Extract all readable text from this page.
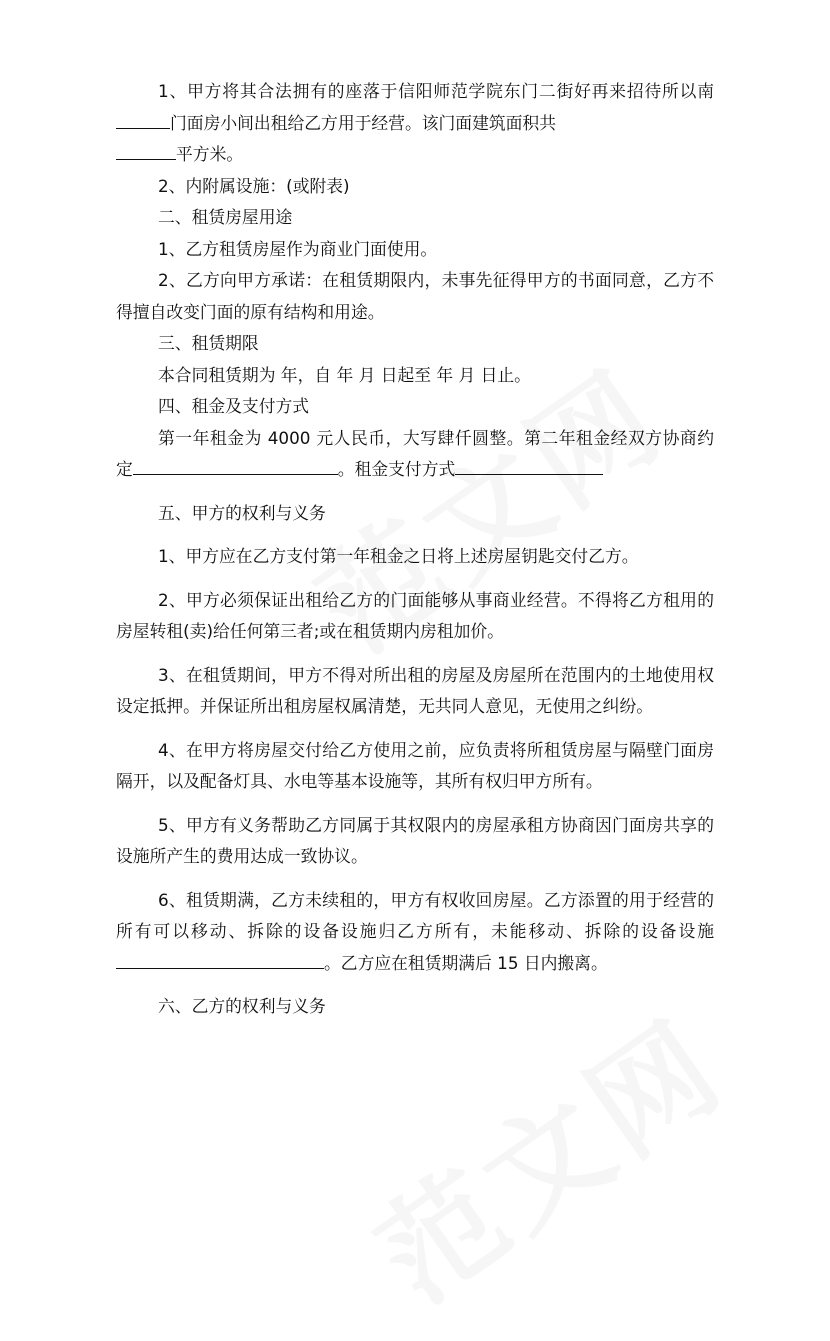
1、甲方将其合法拥有的座落于信阳师范学院东门二街好再来招待所以南门面房小间出租给乙方用于经营。该门面建筑面积共
平方米。

2、内附属设施：(或附表)

二、租赁房屋用途

1、乙方租赁房屋作为商业门面使用。

2、乙方向甲方承诺：在租赁期限内，未事先征得甲方的书面同意，乙方不得擅自改变门面的原有结构和用途。

三、租赁期限

本合同租赁期为 年，自 年 月 日起至 年 月 日止。

四、租金及支付方式

第一年租金为 4000 元人民币，大写肆仟圆整。第二年租金经双方协商约定	。租金支付方式

五、甲方的权利与义务

1、甲方应在乙方支付第一年租金之日将上述房屋钥匙交付乙方。

2、甲方必须保证出租给乙方的门面能够从事商业经营。不得将乙方租用的房屋转租(卖)给任何第三者;或在租赁期内房租加价。

3、在租赁期间，甲方不得对所出租的房屋及房屋所在范围内的土地使用权设定抵押。并保证所出租房屋权属清楚，无共同人意见，无使用之纠纷。

4、在甲方将房屋交付给乙方使用之前，应负责将所租赁房屋与隔壁门面房隔开，以及配备灯具、水电等基本设施等，其所有权归甲方所有。

5、甲方有义务帮助乙方同属于其权限内的房屋承租方协商因门面房共享的设施所产生的费用达成一致协议。

6、租赁期满，乙方未续租的，甲方有权收回房屋。乙方添置的用于经营的所有可以移动、拆除的设备设施归乙方所有，未能移动、拆除的设备设施。乙方应在租赁期满后 15 日内搬离。

六、乙方的权利与义务
